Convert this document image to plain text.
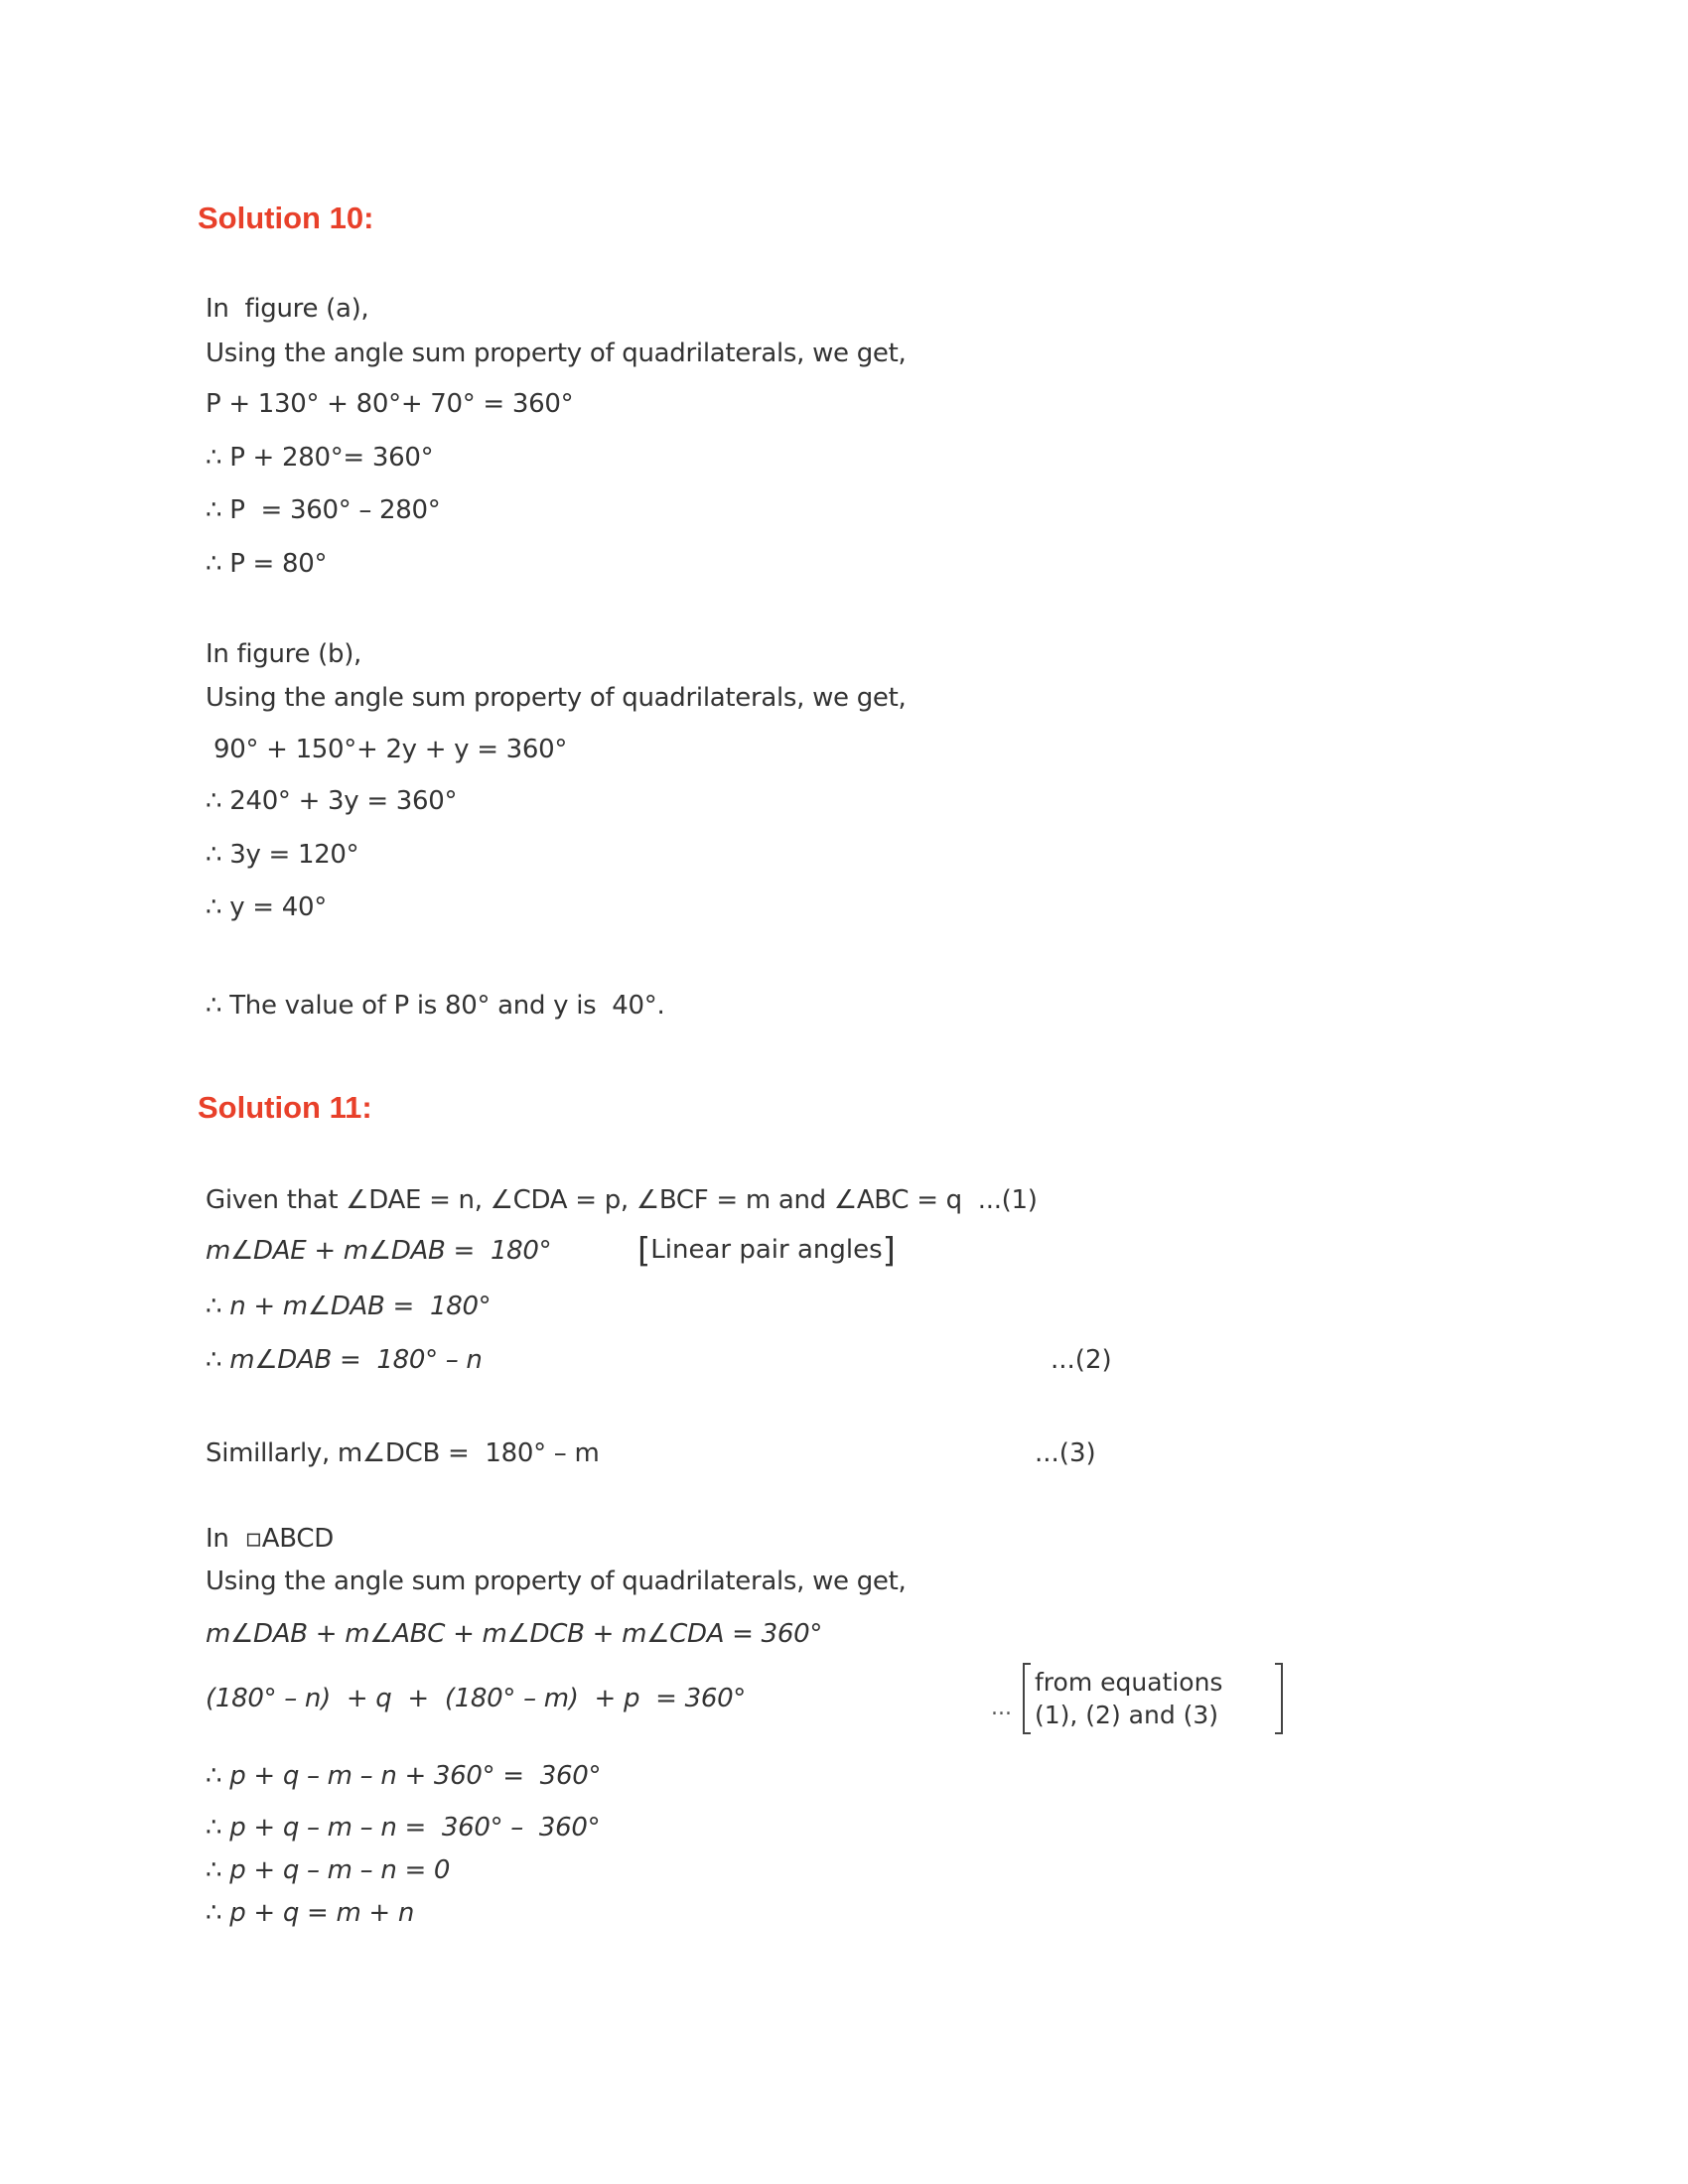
Solution 10:
In  figure (a),
Using the angle sum property of quadrilaterals, we get,
P + 130° + 80°+ 70° = 360°
∴ P + 280°= 360°
∴ P  = 360° – 280°
∴ P = 80°
In figure (b),
Using the angle sum property of quadrilaterals, we get,
90° + 150°+ 2y + y = 360°
∴ 240° + 3y = 360°
∴ 3y = 120°
∴ y = 40°
∴ The value of P is 80° and y is  40°.
Solution 11:
Given that ∠DAE = n, ∠CDA = p, ∠BCF = m and ∠ABC = q  ...(1)
m∠DAE + m∠DAB =  180°	[Linear pair angles]
∴ n + m∠DAB =  180°
∴ m∠DAB =  180° – n	...(2)
Simillarly, m∠DCB =  180° – m	...(3)
In  ▫ABCD
Using the angle sum property of quadrilaterals, we get,
m∠DAB + m∠ABC + m∠DCB + m∠CDA = 360°
(180° – n)  + q  +  (180° – m)  + p  = 360°	...
from equations
(1), (2) and (3)
∴ p + q – m – n + 360° =  360°
∴ p + q – m – n =  360° –  360°
∴ p + q – m – n = 0
∴ p + q = m + n
